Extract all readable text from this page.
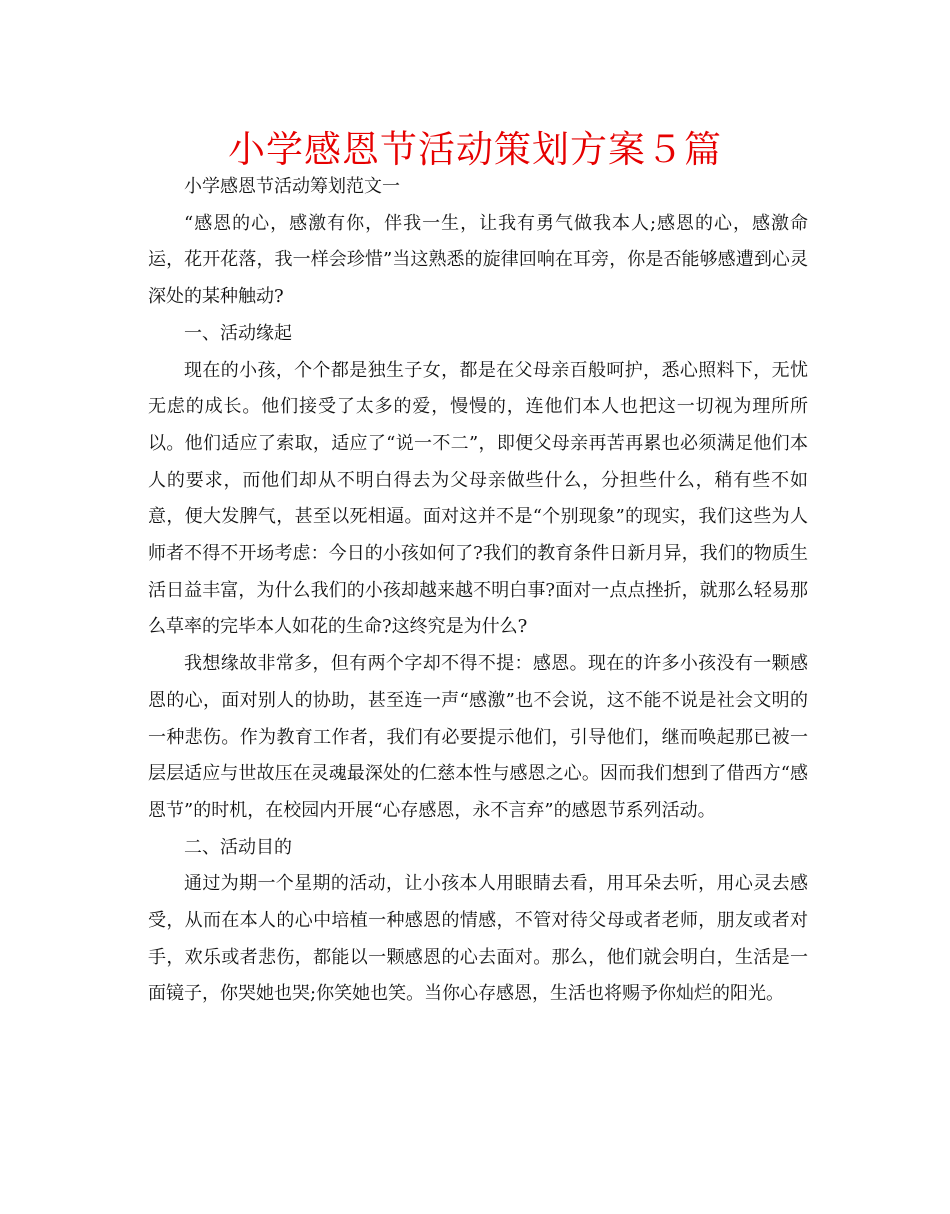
小学感恩节活动策划方案５篇

小学感恩节活动筹划范文一

“感恩的心，感激有你，伴我一生，让我有勇气做我本人;感恩的心，感激命运，花开花落，我一样会珍惜”当这熟悉的旋律回响在耳旁，你是否能够感遭到心灵深处的某种触动?

一、活动缘起

现在的小孩，个个都是独生子女，都是在父母亲百般呵护，悉心照料下，无忧无虑的成长。他们接受了太多的爱，慢慢的，连他们本人也把这一切视为理所所以。他们适应了索取，适应了“说一不二”，即便父母亲再苦再累也必须满足他们本人的要求，而他们却从不明白得去为父母亲做些什么，分担些什么，稍有些不如意，便大发脾气，甚至以死相逼。面对这并不是“个别现象”的现实，我们这些为人师者不得不开场考虑：今日的小孩如何了?我们的教育条件日新月异，我们的物质生活日益丰富，为什么我们的小孩却越来越不明白事?面对一点点挫折，就那么轻易那么草率的完毕本人如花的生命?这终究是为什么?

我想缘故非常多，但有两个字却不得不提：感恩。现在的许多小孩没有一颗感恩的心，面对别人的协助，甚至连一声“感激”也不会说，这不能不说是社会文明的一种悲伤。作为教育工作者，我们有必要提示他们，引导他们，继而唤起那已被一层层适应与世故压在灵魂最深处的仁慈本性与感恩之心。因而我们想到了借西方“感恩节”的时机，在校园内开展“心存感恩，永不言弃”的感恩节系列活动。

二、活动目的

通过为期一个星期的活动，让小孩本人用眼睛去看，用耳朵去听，用心灵去感受，从而在本人的心中培植一种感恩的情感，不管对待父母或者老师，朋友或者对手，欢乐或者悲伤，都能以一颗感恩的心去面对。那么，他们就会明白，生活是一面镜子，你哭她也哭;你笑她也笑。当你心存感恩，生活也将赐予你灿烂的阳光。
